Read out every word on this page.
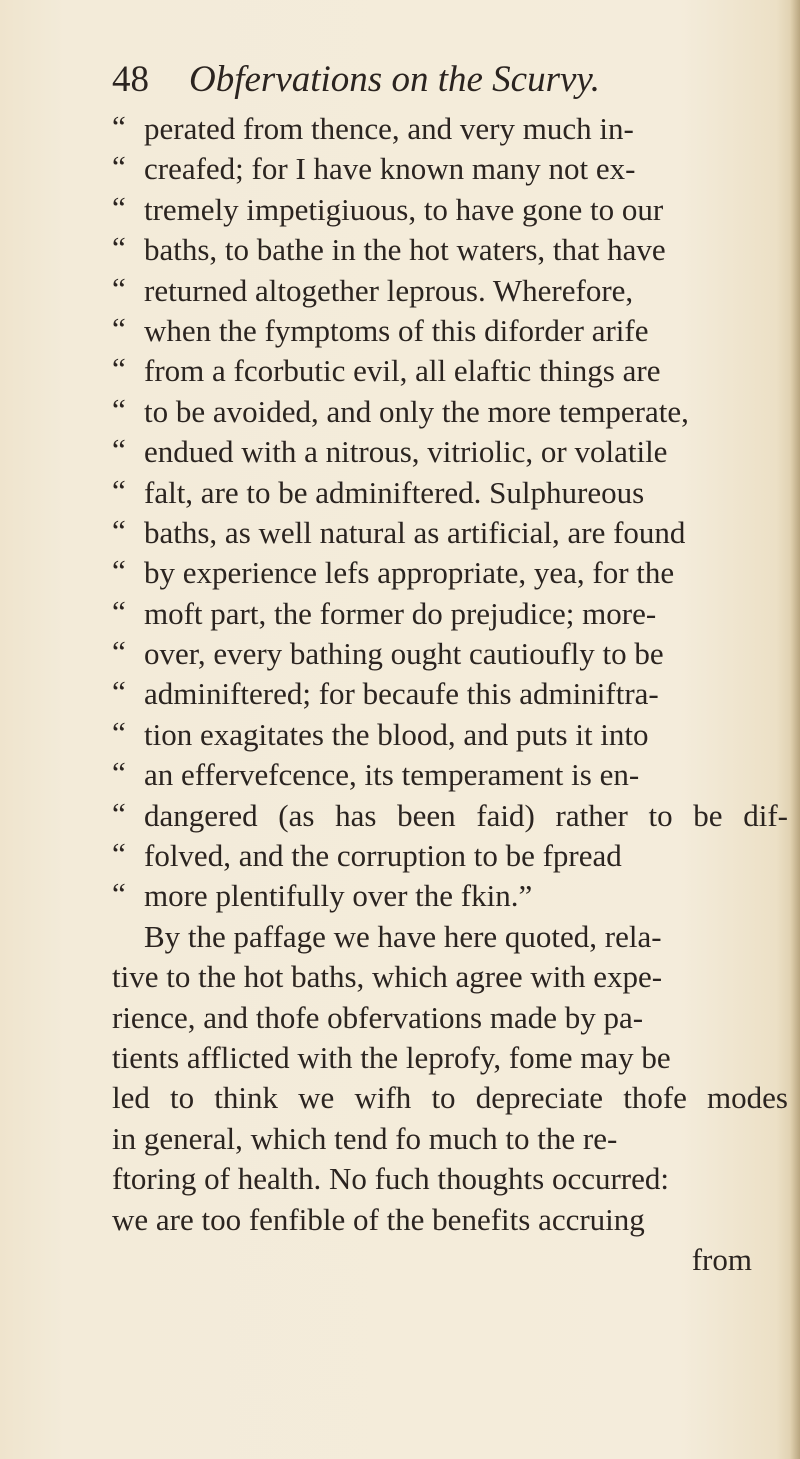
48 Obfervations on the Scurvy.
“ perated from thence, and very much in-
“ creafed; for I have known many not ex-
“ tremely impetigiuous, to have gone to our
“ baths, to bathe in the hot waters, that have
“ returned altogether leprous. Wherefore,
“ when the fymptoms of this diforder arife
“ from a fcorbutic evil, all elaftic things are
“ to be avoided, and only the more temperate,
“ endued with a nitrous, vitriolic, or volatile
“ falt, are to be adminiftered. Sulphureous
“ baths, as well natural as artificial, are found
“ by experience lefs appropriate, yea, for the
“ moft part, the former do prejudice; more-
“ over, every bathing ought cautioufly to be
“ adminiftered; for becaufe this adminiftra-
“ tion exagitates the blood, and puts it into
“ an effervefcence, its temperament is en-
“ dangered (as has been faid) rather to be dif-
“ folved, and the corruption to be fpread
“ more plentifully over the fkin.”
By the paffage we have here quoted, rela-
tive to the hot baths, which agree with expe-
rience, and thofe obfervations made by pa-
tients afflicted with the leprofy, fome may be
led to think we wifh to depreciate thofe modes
in general, which tend fo much to the re-
ftoring of health. No fuch thoughts occurred:
we are too fenfible of the benefits accruing
from
